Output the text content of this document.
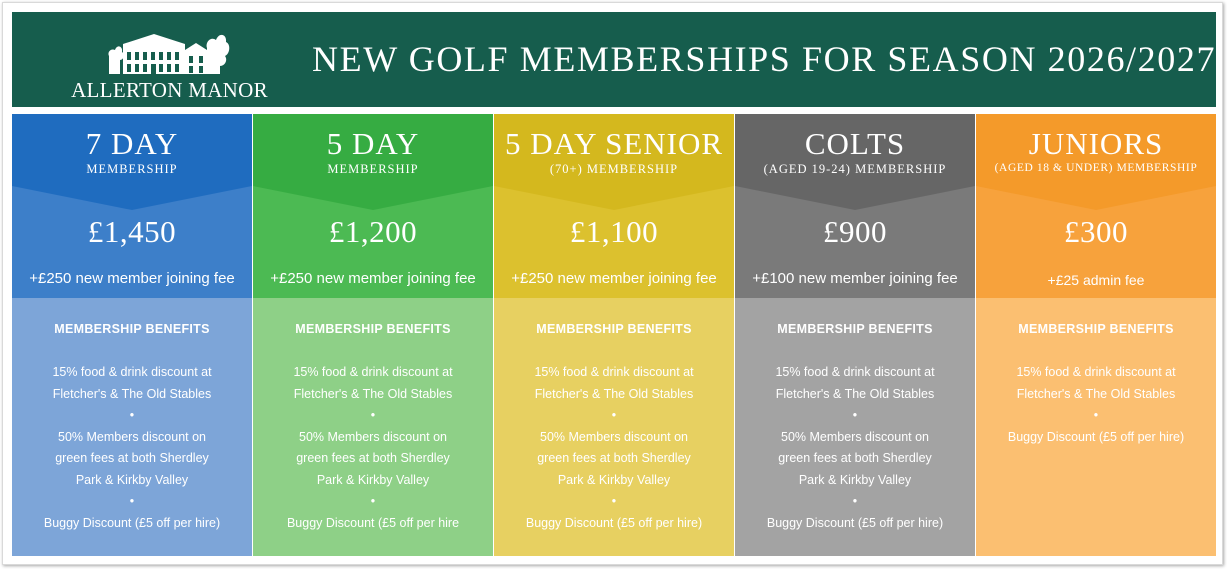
ALLERTON MANOR
NEW GOLF MEMBERSHIPS FOR SEASON 2026/2027
7 DAY
MEMBERSHIP
£1,450
+£250 new member joining fee
MEMBERSHIP BENEFITS
15% food & drink discount at Fletcher's & The Old Stables
•
50% Members discount on green fees at both Sherdley Park & Kirkby Valley
•
Buggy Discount (£5 off per hire)
5 DAY
MEMBERSHIP
£1,200
+£250 new member joining fee
MEMBERSHIP BENEFITS
15% food & drink discount at Fletcher's & The Old Stables
•
50% Members discount on green fees at both Sherdley Park & Kirkby Valley
•
Buggy Discount (£5 off per hire
5 DAY SENIOR
(70+) MEMBERSHIP
£1,100
+£250 new member joining fee
MEMBERSHIP BENEFITS
15% food & drink discount at Fletcher's & The Old Stables
•
50% Members discount on green fees at both Sherdley Park & Kirkby Valley
•
Buggy Discount (£5 off per hire)
COLTS
(AGED 19-24) MEMBERSHIP
£900
+£100 new member joining fee
MEMBERSHIP BENEFITS
15% food & drink discount at Fletcher's & The Old Stables
•
50% Members discount on green fees at both Sherdley Park & Kirkby Valley
•
Buggy Discount (£5 off per hire)
JUNIORS
(AGED 18 & UNDER) MEMBERSHIP
£300
+£25 admin fee
MEMBERSHIP BENEFITS
15% food & drink discount at Fletcher's & The Old Stables
•
Buggy Discount (£5 off per hire)
